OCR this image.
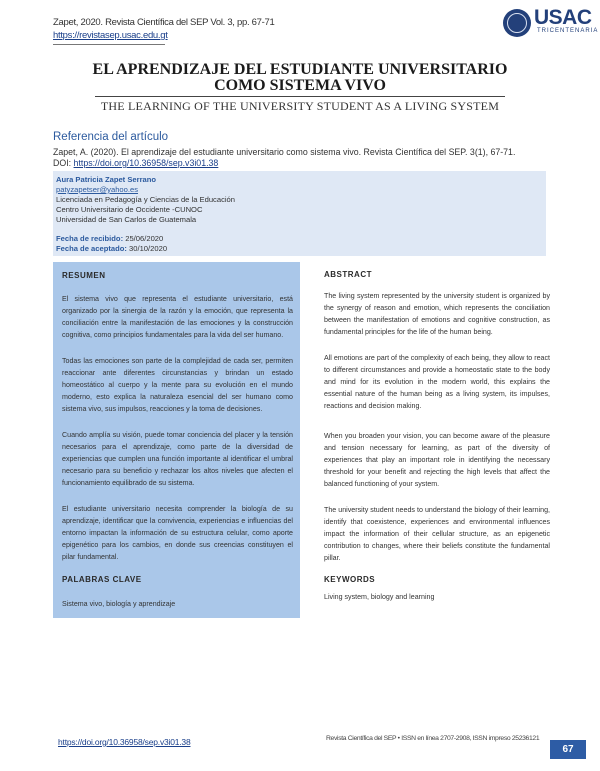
Zapet, 2020. Revista Científica del SEP Vol. 3, pp. 67-71
https://revistasep.usac.edu.gt
USAC
TRICENTENARIA
EL APRENDIZAJE DEL ESTUDIANTE UNIVERSITARIO
COMO SISTEMA VIVO
THE LEARNING OF THE UNIVERSITY STUDENT AS A LIVING SYSTEM
Referencia del artículo
Zapet, A. (2020). El aprendizaje del estudiante universitario como sistema vivo. Revista Científica del SEP. 3(1), 67-71.
DOI: https://doi.org/10.36958/sep.v3i01.38
Aura Patricia Zapet Serrano
patyzapetser@yahoo.es
Licenciada en Pedagogía y Ciencias de la Educación
Centro Universitario de Occidente -CUNOC
Universidad de San Carlos de Guatemala
Fecha de recibido: 25/06/2020
Fecha de aceptado: 30/10/2020
RESUMEN
El sistema vivo que representa el estudiante universitario, está organizado por la sinergia de la razón y la emoción, que representa la conciliación entre la manifestación de las emociones y la construcción cognitiva, como principios fundamentales para la vida del ser humano.
Todas las emociones son parte de la complejidad de cada ser, permiten reaccionar ante diferentes circunstancias y brindan un estado homeostático al cuerpo y la mente para su evolución en el mundo moderno, esto explica la naturaleza esencial del ser humano como sistema vivo, sus impulsos, reacciones y la toma de decisiones.
Cuando amplía su visión, puede tomar conciencia del placer y la tensión necesarios para el aprendizaje, como parte de la diversidad de experiencias que cumplen una función importante al identificar el umbral necesario para su beneficio y rechazar los altos niveles que afecten el funcionamiento equilibrado de su sistema.
El estudiante universitario necesita comprender la biología de su aprendizaje, identificar que la convivencia, experiencias e influencias del entorno impactan la información de su estructura celular, como aporte epigenético para los cambios, en donde sus creencias constituyen el pilar fundamental.
PALABRAS CLAVE
Sistema vivo, biología y aprendizaje
ABSTRACT
The living system represented by the university student is organized by the synergy of reason and emotion, which represents the conciliation between the manifestation of emotions and cognitive construction, as fundamental principles for the life of the human being.
All emotions are part of the complexity of each being, they allow to react to different circumstances and provide a homeostatic state to the body and mind for its evolution in the modern world, this explains the essential nature of the human being as a living system, its impulses, reactions and decision making.
When you broaden your vision, you can become aware of the pleasure and tension necessary for learning, as part of the diversity of experiences that play an important role in identifying the necessary threshold for your benefit and rejecting the high levels that affect the balanced functioning of your system.
The university student needs to understand the biology of their learning, identify that coexistence, experiences and environmental influences impact the information of their cellular structure, as an epigenetic contribution to changes, where their beliefs constitute the fundamental pillar.
KEYWORDS
Living system, biology and learning
https://doi.org/10.36958/sep.v3i01.38	Revista Científica del SEP • ISSN en línea 2707-2908, ISSN impreso 25236121
67
